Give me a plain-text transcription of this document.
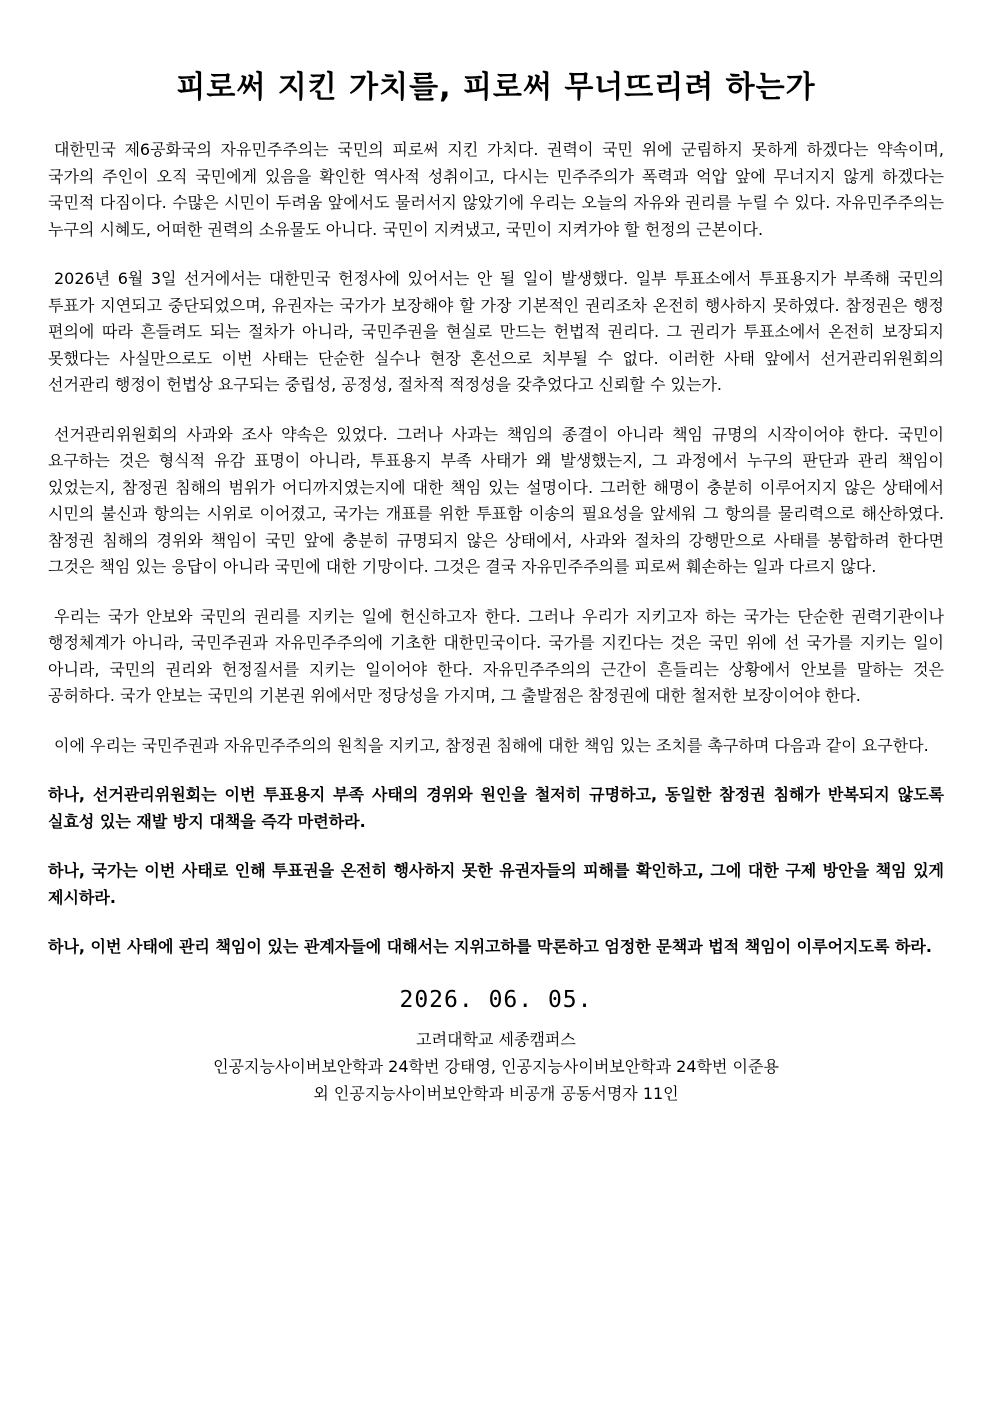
피로써 지킨 가치를, 피로써 무너뜨리려 하는가

대한민국 제6공화국의 자유민주주의는 국민의 피로써 지킨 가치다. 권력이 국민 위에 군림하지 못하게 하겠다는 약속이며, 국가의 주인이 오직 국민에게 있음을 확인한 역사적 성취이고, 다시는 민주주의가 폭력과 억압 앞에 무너지지 않게 하겠다는 국민적 다짐이다. 수많은 시민이 두려움 앞에서도 물러서지 않았기에 우리는 오늘의 자유와 권리를 누릴 수 있다. 자유민주주의는 누구의 시혜도, 어떠한 권력의 소유물도 아니다. 국민이 지켜냈고, 국민이 지켜가야 할 헌정의 근본이다.

2026년 6월 3일 선거에서는 대한민국 헌정사에 있어서는 안 될 일이 발생했다. 일부 투표소에서 투표용지가 부족해 국민의 투표가 지연되고 중단되었으며, 유권자는 국가가 보장해야 할 가장 기본적인 권리조차 온전히 행사하지 못하였다. 참정권은 행정 편의에 따라 흔들려도 되는 절차가 아니라, 국민주권을 현실로 만드는 헌법적 권리다. 그 권리가 투표소에서 온전히 보장되지 못했다는 사실만으로도 이번 사태는 단순한 실수나 현장 혼선으로 치부될 수 없다. 이러한 사태 앞에서 선거관리위원회의 선거관리 행정이 헌법상 요구되는 중립성, 공정성, 절차적 적정성을 갖추었다고 신뢰할 수 있는가.

선거관리위원회의 사과와 조사 약속은 있었다. 그러나 사과는 책임의 종결이 아니라 책임 규명의 시작이어야 한다. 국민이 요구하는 것은 형식적 유감 표명이 아니라, 투표용지 부족 사태가 왜 발생했는지, 그 과정에서 누구의 판단과 관리 책임이 있었는지, 참정권 침해의 범위가 어디까지였는지에 대한 책임 있는 설명이다. 그러한 해명이 충분히 이루어지지 않은 상태에서 시민의 불신과 항의는 시위로 이어졌고, 국가는 개표를 위한 투표함 이송의 필요성을 앞세워 그 항의를 물리력으로 해산하였다. 참정권 침해의 경위와 책임이 국민 앞에 충분히 규명되지 않은 상태에서, 사과와 절차의 강행만으로 사태를 봉합하려 한다면 그것은 책임 있는 응답이 아니라 국민에 대한 기망이다. 그것은 결국 자유민주주의를 피로써 훼손하는 일과 다르지 않다.

우리는 국가 안보와 국민의 권리를 지키는 일에 헌신하고자 한다. 그러나 우리가 지키고자 하는 국가는 단순한 권력기관이나 행정체계가 아니라, 국민주권과 자유민주주의에 기초한 대한민국이다. 국가를 지킨다는 것은 국민 위에 선 국가를 지키는 일이 아니라, 국민의 권리와 헌정질서를 지키는 일이어야 한다. 자유민주주의의 근간이 흔들리는 상황에서 안보를 말하는 것은 공허하다. 국가 안보는 국민의 기본권 위에서만 정당성을 가지며, 그 출발점은 참정권에 대한 철저한 보장이어야 한다.

이에 우리는 국민주권과 자유민주주의의 원칙을 지키고, 참정권 침해에 대한 책임 있는 조치를 촉구하며 다음과 같이 요구한다.

하나, 선거관리위원회는 이번 투표용지 부족 사태의 경위와 원인을 철저히 규명하고, 동일한 참정권 침해가 반복되지 않도록 실효성 있는 재발 방지 대책을 즉각 마련하라.

하나, 국가는 이번 사태로 인해 투표권을 온전히 행사하지 못한 유권자들의 피해를 확인하고, 그에 대한 구제 방안을 책임 있게 제시하라.

하나, 이번 사태에 관리 책임이 있는 관계자들에 대해서는 지위고하를 막론하고 엄정한 문책과 법적 책임이 이루어지도록 하라.

2026. 06. 05.
고려대학교 세종캠퍼스
인공지능사이버보안학과 24학번 강태영, 인공지능사이버보안학과 24학번 이준용
외 인공지능사이버보안학과 비공개 공동서명자 11인
